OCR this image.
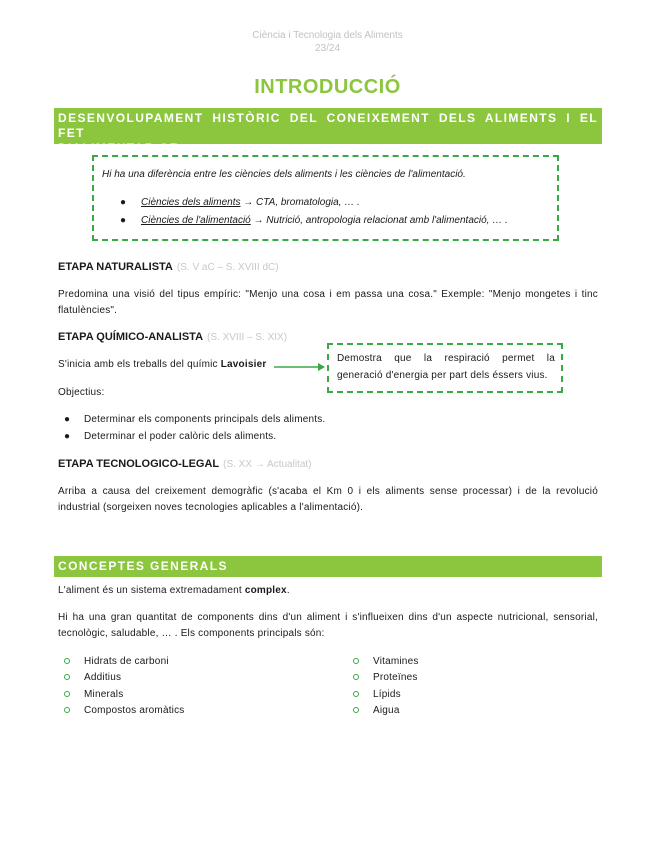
Ciència i Tecnologia dels Aliments
23/24
INTRODUCCIÓ
DESENVOLUPAMENT HISTÒRIC DEL CONEIXEMENT DELS ALIMENTS I EL FET
D'ALIMENTAR-SE
Hi ha una diferència entre les ciències dels aliments i les ciències de l'alimentació.
● Ciències dels aliments → CTA, bromatologia, … .
● Ciències de l'alimentació → Nutrició, antropologia relacionat amb l'alimentació, … .
ETAPA NATURALISTA (S. V aC – S. XVIII dC)
Predomina una visió del tipus empíric: "Menjo una cosa i em passa una cosa." Exemple: "Menjo mongetes i tinc
flatulències".
ETAPA QUÍMICO-ANALISTA (S. XVIII – S. XIX)
S'inicia amb els treballs del químic Lavoisier
Demostra que la respiració permet la
generació d'energia per part dels éssers vius.
Objectius:
● Determinar els components principals dels aliments.
● Determinar el poder calòric dels aliments.
ETAPA TECNOLOGICO-LEGAL (S. XX → Actualitat)
Arriba a causa del creixement demogràfic (s'acaba el Km 0 i els aliments sense processar) i de la revolució
industrial (sorgeixen noves tecnologies aplicables a l'alimentació).
CONCEPTES GENERALS
L'aliment és un sistema extremadament complex.
Hi ha una gran quantitat de components dins d'un aliment i s'influeixen dins d'un aspecte nutricional, sensorial,
tecnològic, saludable, … . Els components principals són:
Hidrats de carboni
Additius
Minerals
Compostos aromàtics
Vitamines
Proteïnes
Lípids
Aigua
